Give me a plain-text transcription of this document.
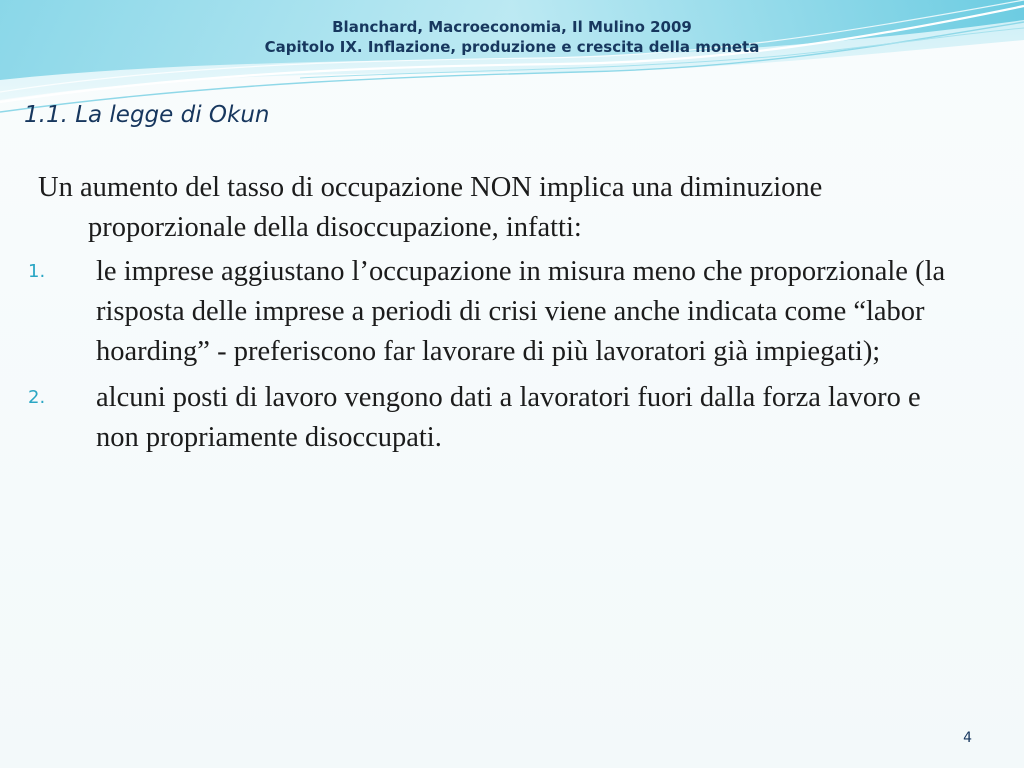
Blanchard, Macroeconomia, Il Mulino 2009
Capitolo IX. Inflazione, produzione e crescita della moneta
1.1. La legge di Okun

Un aumento del tasso di occupazione NON implica una diminuzione proporzionale della disoccupazione, infatti:

1. le imprese aggiustano l’occupazione in misura meno che proporzionale (la risposta delle imprese a periodi di crisi viene anche indicata come “labor hoarding” - preferiscono far lavorare di più lavoratori già impiegati);
2. alcuni posti di lavoro vengono dati a lavoratori fuori dalla forza lavoro e non propriamente disoccupati.
4
